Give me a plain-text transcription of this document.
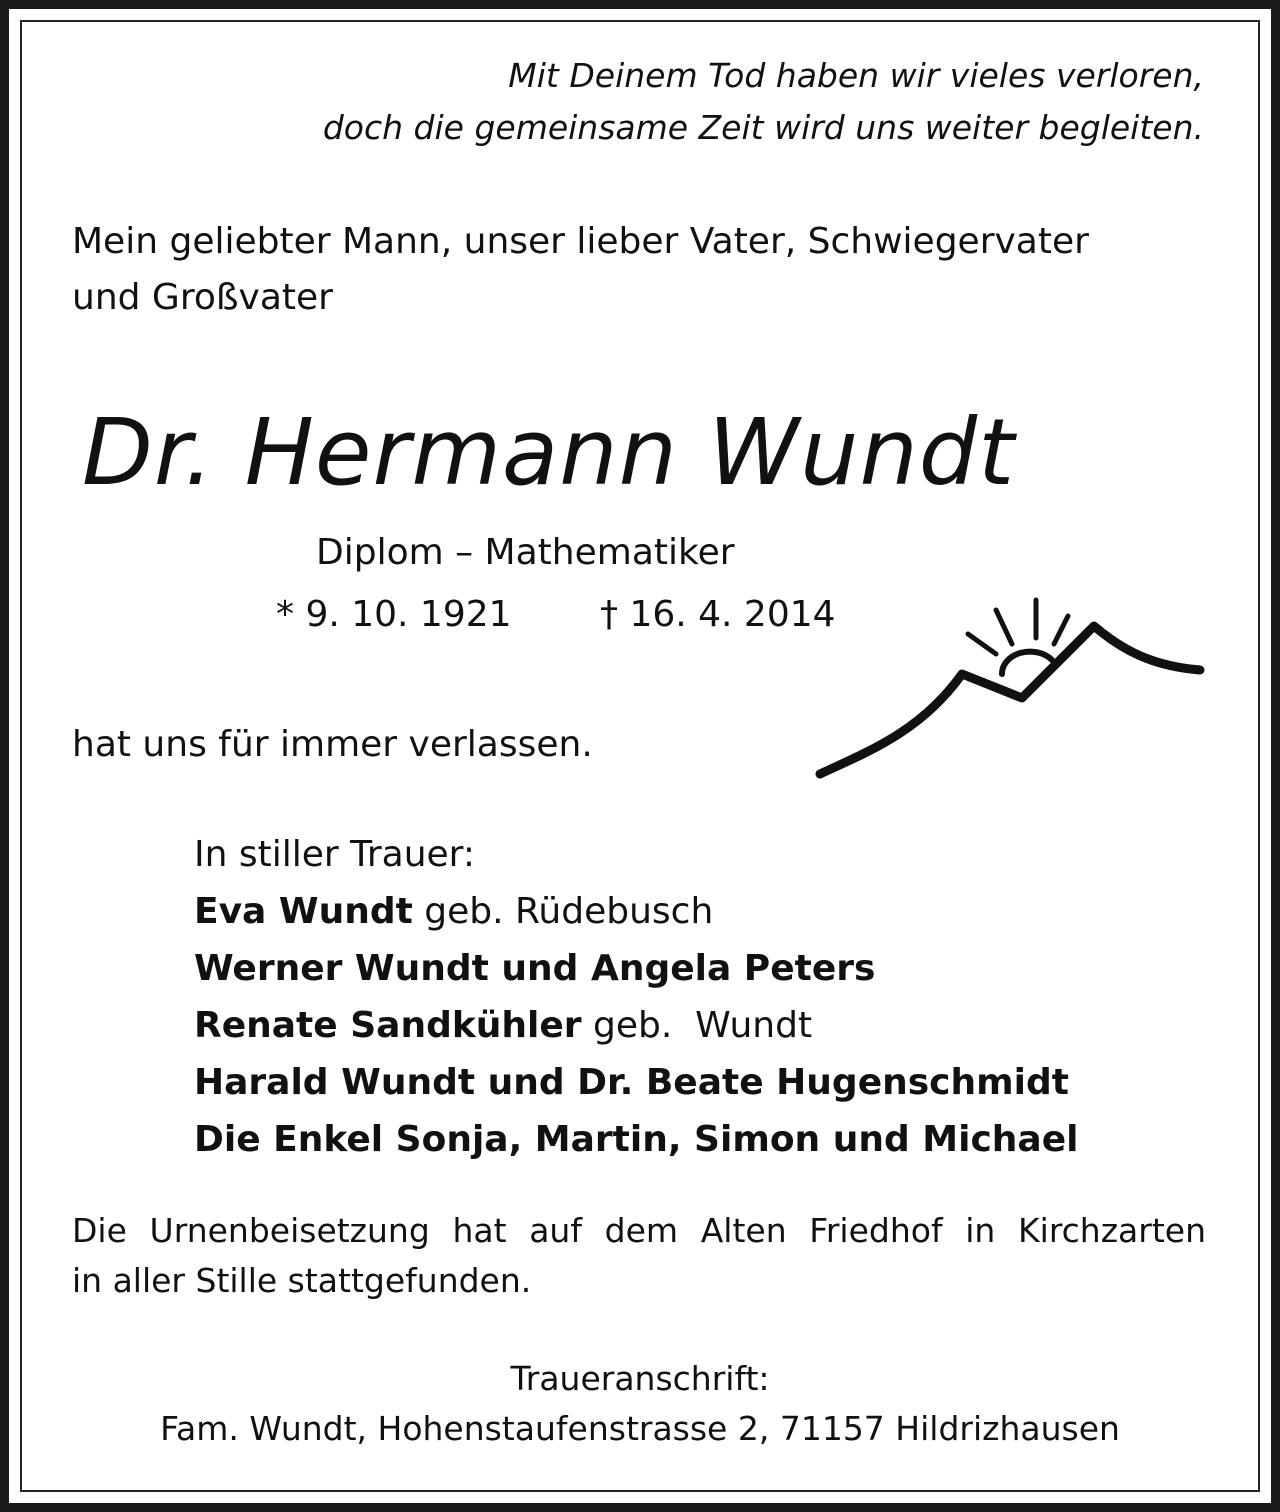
Mit Deinem Tod haben wir vieles verloren,
doch die gemeinsame Zeit wird uns weiter begleiten.
Mein geliebter Mann, unser lieber Vater, Schwiegervater
und Großvater
Dr. Hermann Wundt
Diplom – Mathematiker
* 9. 10. 1921 † 16. 4. 2014
hat uns für immer verlassen.
In stiller Trauer:
Eva Wundt geb. Rüdebusch
Werner Wundt und Angela Peters
Renate Sandkühler geb.  Wundt
Harald Wundt und Dr. Beate Hugenschmidt
Die Enkel Sonja, Martin, Simon und Michael
Die Urnenbeisetzung hat auf dem Alten Friedhof in Kirchzarten
in aller Stille stattgefunden.
Traueranschrift:
Fam. Wundt, Hohenstaufenstrasse 2, 71157 Hildrizhausen
